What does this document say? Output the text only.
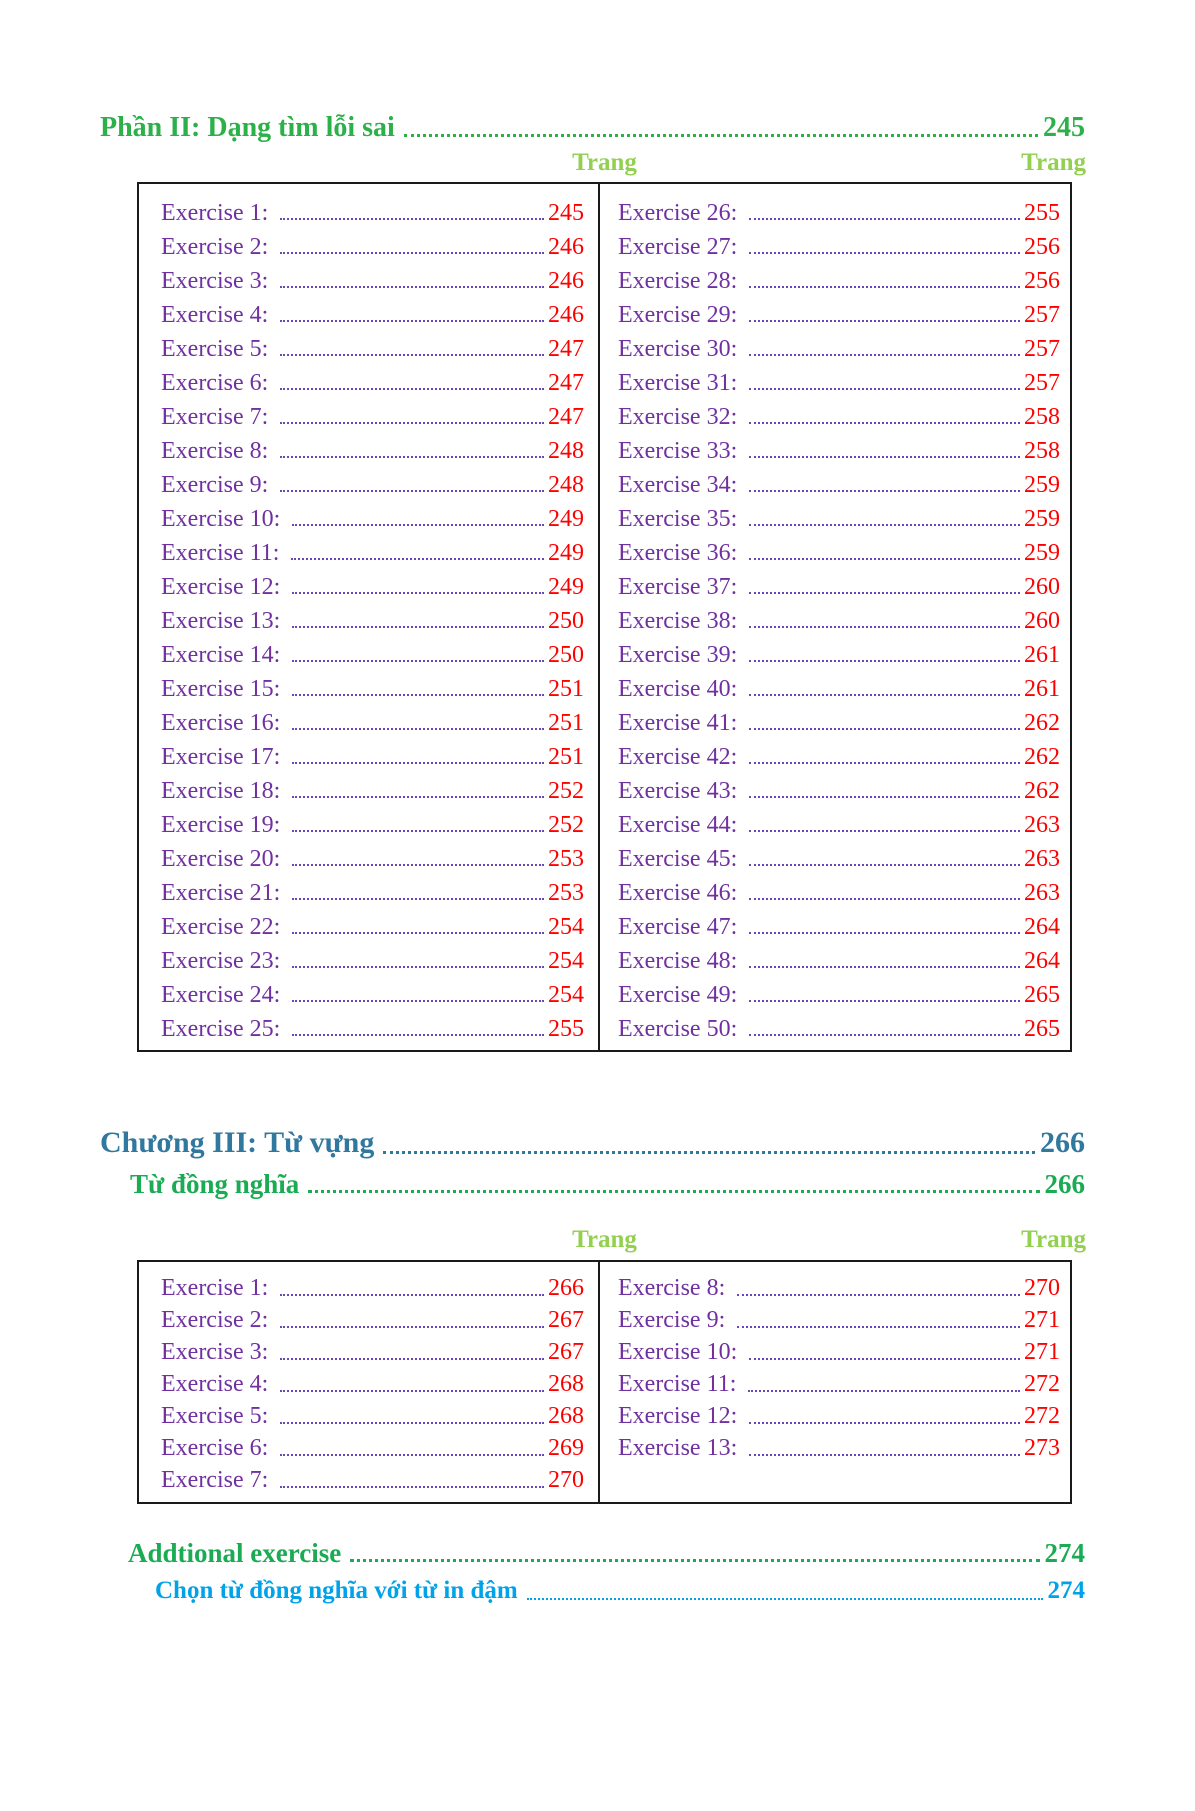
Phần II: Dạng tìm lỗi sai	245
Trang	Trang
Exercise 1:	245
Exercise 2:	246
Exercise 3:	246
Exercise 4:	246
Exercise 5:	247
Exercise 6:	247
Exercise 7:	247
Exercise 8:	248
Exercise 9:	248
Exercise 10:	249
Exercise 11:	249
Exercise 12:	249
Exercise 13:	250
Exercise 14:	250
Exercise 15:	251
Exercise 16:	251
Exercise 17:	251
Exercise 18:	252
Exercise 19:	252
Exercise 20:	253
Exercise 21:	253
Exercise 22:	254
Exercise 23:	254
Exercise 24:	254
Exercise 25:	255
Exercise 26:	255
Exercise 27:	256
Exercise 28:	256
Exercise 29:	257
Exercise 30:	257
Exercise 31:	257
Exercise 32:	258
Exercise 33:	258
Exercise 34:	259
Exercise 35:	259
Exercise 36:	259
Exercise 37:	260
Exercise 38:	260
Exercise 39:	261
Exercise 40:	261
Exercise 41:	262
Exercise 42:	262
Exercise 43:	262
Exercise 44:	263
Exercise 45:	263
Exercise 46:	263
Exercise 47:	264
Exercise 48:	264
Exercise 49:	265
Exercise 50:	265
Chương III: Từ vựng	266
Từ đồng nghĩa	266
Trang	Trang
Exercise 1:	266
Exercise 2:	267
Exercise 3:	267
Exercise 4:	268
Exercise 5:	268
Exercise 6:	269
Exercise 7:	270
Exercise 8:	270
Exercise 9:	271
Exercise 10:	271
Exercise 11:	272
Exercise 12:	272
Exercise 13:	273
Addtional exercise	274
Chọn từ đồng nghĩa với từ in đậm	274
